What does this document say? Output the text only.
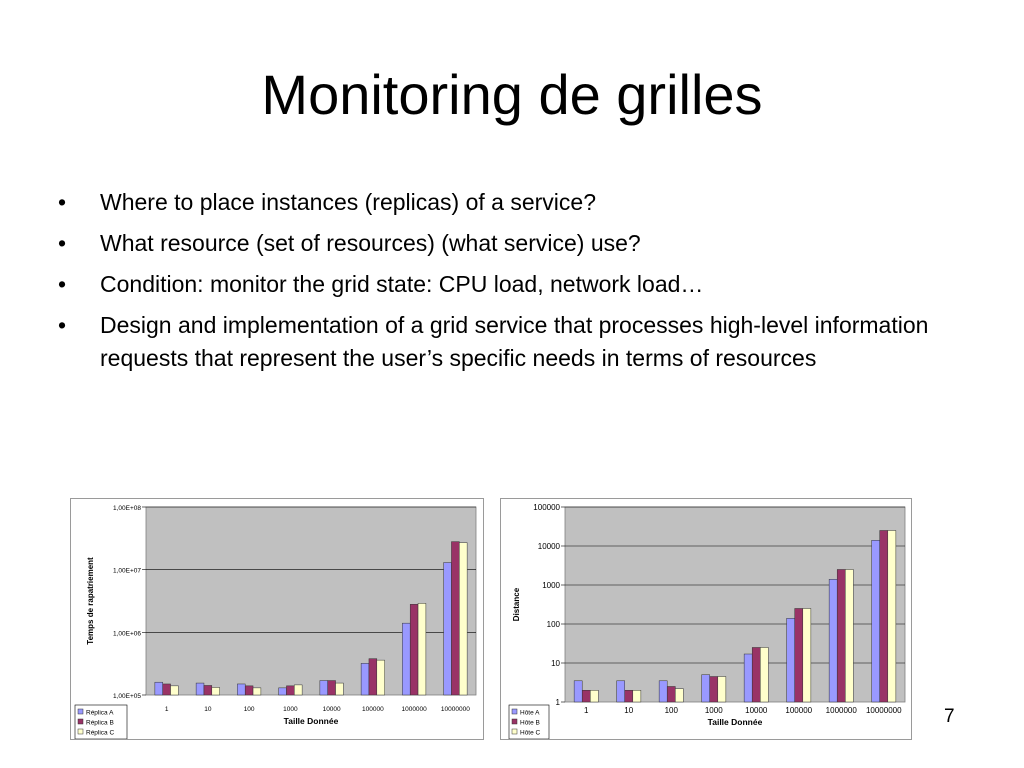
Monitoring de grilles
• Where to place instances (replicas) of a service?
• What resource (set of resources) (what service) use?
• Condition: monitor the grid state: CPU load, network load…
• Design and implementation of a grid service that processes high-level information requests that represent the user’s specific needs in terms of resources
1,00E+05
1,00E+06
1,00E+07
1,00E+08
1	10	100	1000	10000	100000	1000000 10000000
Taille Donnée
Temps de rapatriement
Réplica A
Réplica B
Réplica C
1
10
100
1000
10000
100000
1	10	100	1000	10000 100000 1000000 10000000
Taille Donnée
Distance
Hôte A
Hôte B
Hôte C
7
